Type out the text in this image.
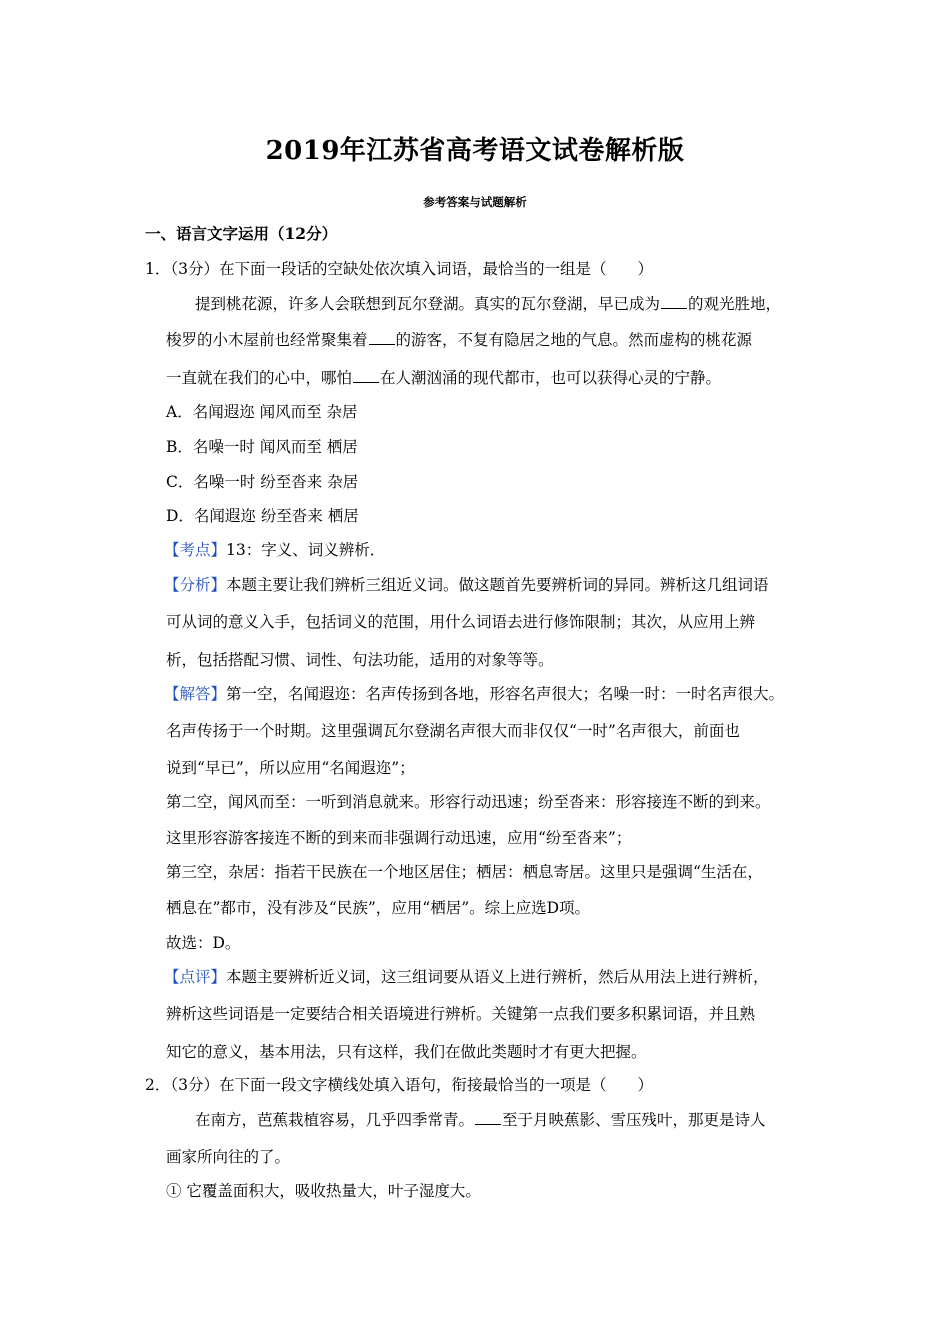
2019年江苏省高考语文试卷解析版
参考答案与试题解析
一、语言文字运用（12分）
1．（3分）在下面一段话的空缺处依次填入词语，最恰当的一组是（　　）
提到桃花源，许多人会联想到瓦尔登湖。真实的瓦尔登湖，早已成为 的观光胜地，
梭罗的小木屋前也经常聚集着 的游客，不复有隐居之地的气息。然而虚构的桃花源
一直就在我们的心中，哪怕 在人潮汹涌的现代都市，也可以获得心灵的宁静。
A．名闻遐迩 闻风而至 杂居
B．名噪一时 闻风而至 栖居
C．名噪一时 纷至沓来 杂居
D．名闻遐迩 纷至沓来 栖居
【考点】13：字义、词义辨析．
【分析】本题主要让我们辨析三组近义词。做这题首先要辨析词的异同。辨析这几组词语
可从词的意义入手，包括词义的范围，用什么词语去进行修饰限制；其次，从应用上辨
析，包括搭配习惯、词性、句法功能，适用的对象等等。
【解答】第一空，名闻遐迩：名声传扬到各地，形容名声很大；名噪一时：一时名声很大。
名声传扬于一个时期。这里强调瓦尔登湖名声很大而非仅仅“一时”名声很大，前面也
说到“早已”，所以应用“名闻遐迩”；
第二空，闻风而至：一听到消息就来。形容行动迅速；纷至沓来：形容接连不断的到来。
这里形容游客接连不断的到来而非强调行动迅速，应用“纷至沓来”；
第三空，杂居：指若干民族在一个地区居住；栖居：栖息寄居。这里只是强调“生活在，
栖息在”都市，没有涉及“民族”，应用“栖居”。综上应选D项。
故选：D。
【点评】本题主要辨析近义词，这三组词要从语义上进行辨析，然后从用法上进行辨析，
辨析这些词语是一定要结合相关语境进行辨析。关键第一点我们要多积累词语，并且熟
知它的意义，基本用法，只有这样，我们在做此类题时才有更大把握。
2．（3分）在下面一段文字横线处填入语句，衔接最恰当的一项是（　　）
在南方，芭蕉栽植容易，几乎四季常青。 至于月映蕉影、雪压残叶，那更是诗人
画家所向往的了。
① 它覆盖面积大，吸收热量大，叶子湿度大。
